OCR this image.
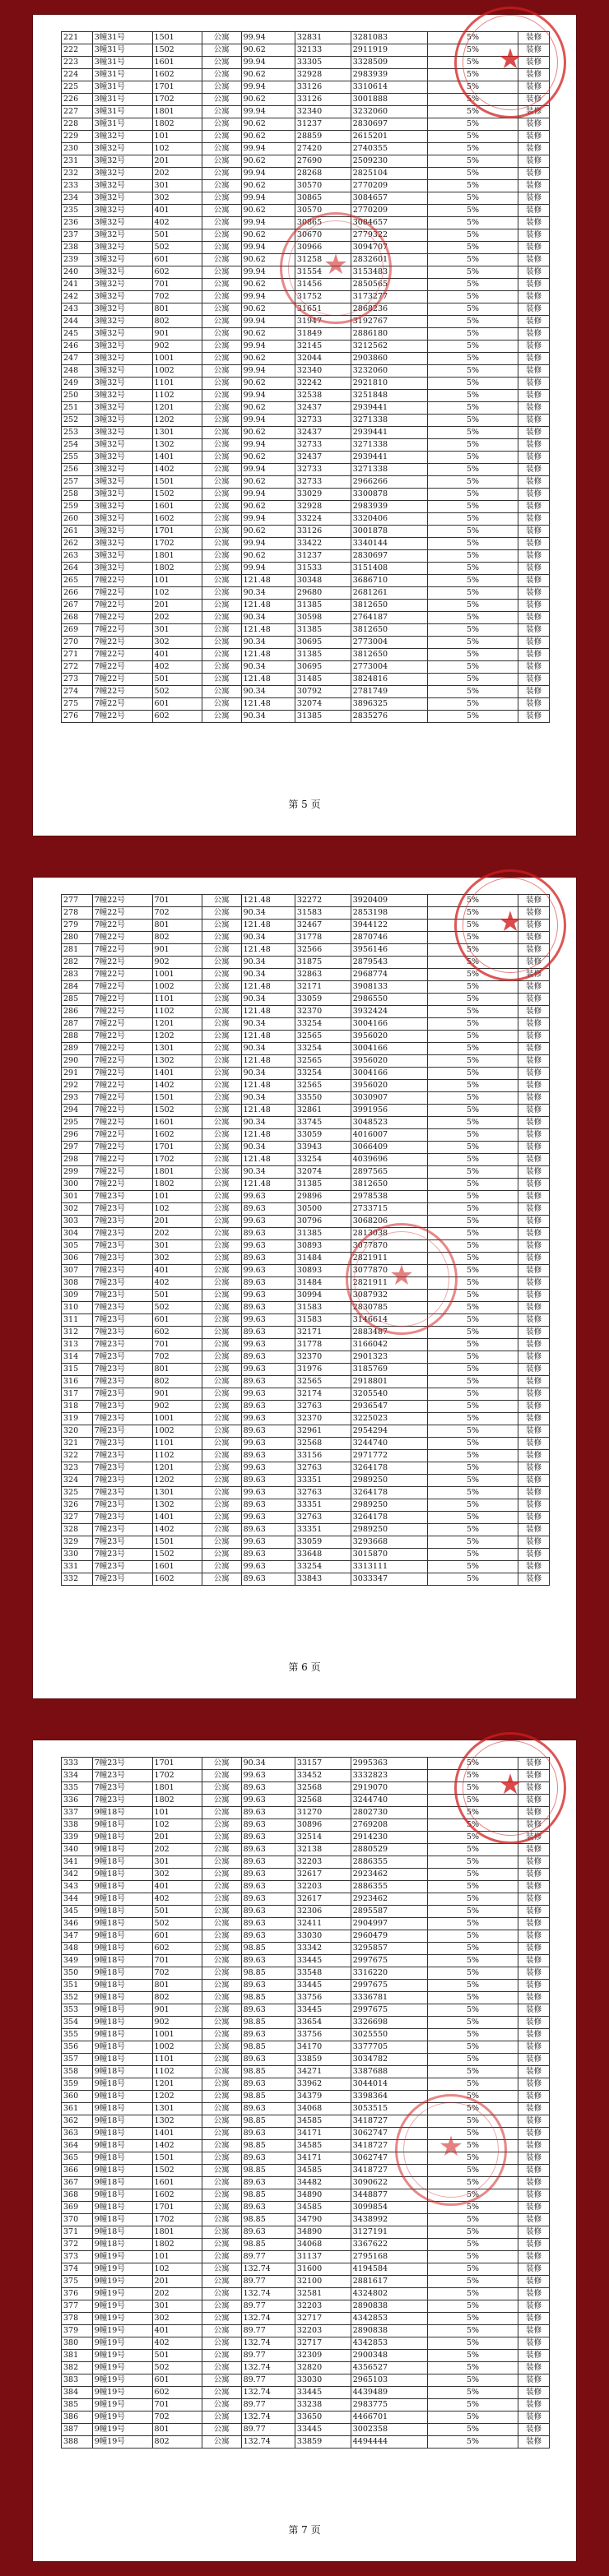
221	3幢31号	1501	公寓	99.94	32831	3281083	5%	装修
222	3幢31号	1502	公寓	90.62	32133	2911919	5%	装修
223	3幢31号	1601	公寓	99.94	33305	3328509	5%	装修
224	3幢31号	1602	公寓	90.62	32928	2983939	5%	装修
225	3幢31号	1701	公寓	99.94	33126	3310614	5%	装修
226	3幢31号	1702	公寓	90.62	33126	3001888	5%	装修
227	3幢31号	1801	公寓	99.94	32340	3232060	5%	装修
228	3幢31号	1802	公寓	90.62	31237	2830697	5%	装修
229	3幢32号	101	公寓	90.62	28859	2615201	5%	装修
230	3幢32号	102	公寓	99.94	27420	2740355	5%	装修
231	3幢32号	201	公寓	90.62	27690	2509230	5%	装修
232	3幢32号	202	公寓	99.94	28268	2825104	5%	装修
233	3幢32号	301	公寓	90.62	30570	2770209	5%	装修
234	3幢32号	302	公寓	99.94	30865	3084657	5%	装修
235	3幢32号	401	公寓	90.62	30570	2770209	5%	装修
236	3幢32号	402	公寓	99.94	30865	3084657	5%	装修
237	3幢32号	501	公寓	90.62	30670	2779322	5%	装修
238	3幢32号	502	公寓	99.94	30966	3094707	5%	装修
239	3幢32号	601	公寓	90.62	31258	2832601	5%	装修
240	3幢32号	602	公寓	99.94	31554	3153483	5%	装修
241	3幢32号	701	公寓	90.62	31456	2850565	5%	装修
242	3幢32号	702	公寓	99.94	31752	3173277	5%	装修
243	3幢32号	801	公寓	90.62	31651	2868236	5%	装修
244	3幢32号	802	公寓	99.94	31947	3192767	5%	装修
245	3幢32号	901	公寓	90.62	31849	2886180	5%	装修
246	3幢32号	902	公寓	99.94	32145	3212562	5%	装修
247	3幢32号	1001	公寓	90.62	32044	2903860	5%	装修
248	3幢32号	1002	公寓	99.94	32340	3232060	5%	装修
249	3幢32号	1101	公寓	90.62	32242	2921810	5%	装修
250	3幢32号	1102	公寓	99.94	32538	3251848	5%	装修
251	3幢32号	1201	公寓	90.62	32437	2939441	5%	装修
252	3幢32号	1202	公寓	99.94	32733	3271338	5%	装修
253	3幢32号	1301	公寓	90.62	32437	2939441	5%	装修
254	3幢32号	1302	公寓	99.94	32733	3271338	5%	装修
255	3幢32号	1401	公寓	90.62	32437	2939441	5%	装修
256	3幢32号	1402	公寓	99.94	32733	3271338	5%	装修
257	3幢32号	1501	公寓	90.62	32733	2966266	5%	装修
258	3幢32号	1502	公寓	99.94	33029	3300878	5%	装修
259	3幢32号	1601	公寓	90.62	32928	2983939	5%	装修
260	3幢32号	1602	公寓	99.94	33224	3320406	5%	装修
261	3幢32号	1701	公寓	90.62	33126	3001878	5%	装修
262	3幢32号	1702	公寓	99.94	33422	3340144	5%	装修
263	3幢32号	1801	公寓	90.62	31237	2830697	5%	装修
264	3幢32号	1802	公寓	99.94	31533	3151408	5%	装修
265	7幢22号	101	公寓	121.48	30348	3686710	5%	装修
266	7幢22号	102	公寓	90.34	29680	2681261	5%	装修
267	7幢22号	201	公寓	121.48	31385	3812650	5%	装修
268	7幢22号	202	公寓	90.34	30598	2764187	5%	装修
269	7幢22号	301	公寓	121.48	31385	3812650	5%	装修
270	7幢22号	302	公寓	90.34	30695	2773004	5%	装修
271	7幢22号	401	公寓	121.48	31385	3812650	5%	装修
272	7幢22号	402	公寓	90.34	30695	2773004	5%	装修
273	7幢22号	501	公寓	121.48	31485	3824816	5%	装修
274	7幢22号	502	公寓	90.34	30792	2781749	5%	装修
275	7幢22号	601	公寓	121.48	32074	3896325	5%	装修
276	7幢22号	602	公寓	90.34	31385	2835276	5%	装修
★
★
第 5 页
277	7幢22号	701	公寓	121.48	32272	3920409	5%	装修
278	7幢22号	702	公寓	90.34	31583	2853198	5%	装修
279	7幢22号	801	公寓	121.48	32467	3944122	5%	装修
280	7幢22号	802	公寓	90.34	31778	2870746	5%	装修
281	7幢22号	901	公寓	121.48	32566	3956146	5%	装修
282	7幢22号	902	公寓	90.34	31875	2879543	5%	装修
283	7幢22号	1001	公寓	90.34	32863	2968774	5%	装修
284	7幢22号	1002	公寓	121.48	32171	3908133	5%	装修
285	7幢22号	1101	公寓	90.34	33059	2986550	5%	装修
286	7幢22号	1102	公寓	121.48	32370	3932424	5%	装修
287	7幢22号	1201	公寓	90.34	33254	3004166	5%	装修
288	7幢22号	1202	公寓	121.48	32565	3956020	5%	装修
289	7幢22号	1301	公寓	90.34	33254	3004166	5%	装修
290	7幢22号	1302	公寓	121.48	32565	3956020	5%	装修
291	7幢22号	1401	公寓	90.34	33254	3004166	5%	装修
292	7幢22号	1402	公寓	121.48	32565	3956020	5%	装修
293	7幢22号	1501	公寓	90.34	33550	3030907	5%	装修
294	7幢22号	1502	公寓	121.48	32861	3991956	5%	装修
295	7幢22号	1601	公寓	90.34	33745	3048523	5%	装修
296	7幢22号	1602	公寓	121.48	33059	4016007	5%	装修
297	7幢22号	1701	公寓	90.34	33943	3066409	5%	装修
298	7幢22号	1702	公寓	121.48	33254	4039696	5%	装修
299	7幢22号	1801	公寓	90.34	32074	2897565	5%	装修
300	7幢22号	1802	公寓	121.48	31385	3812650	5%	装修
301	7幢23号	101	公寓	99.63	29896	2978538	5%	装修
302	7幢23号	102	公寓	89.63	30500	2733715	5%	装修
303	7幢23号	201	公寓	99.63	30796	3068206	5%	装修
304	7幢23号	202	公寓	89.63	31385	2813038	5%	装修
305	7幢23号	301	公寓	99.63	30893	3077870	5%	装修
306	7幢23号	302	公寓	89.63	31484	2821911	5%	装修
307	7幢23号	401	公寓	99.63	30893	3077870	5%	装修
308	7幢23号	402	公寓	89.63	31484	2821911	5%	装修
309	7幢23号	501	公寓	99.63	30994	3087932	5%	装修
310	7幢23号	502	公寓	89.63	31583	2830785	5%	装修
311	7幢23号	601	公寓	99.63	31583	3146614	5%	装修
312	7幢23号	602	公寓	89.63	32171	2883487	5%	装修
313	7幢23号	701	公寓	99.63	31778	3166042	5%	装修
314	7幢23号	702	公寓	89.63	32370	2901323	5%	装修
315	7幢23号	801	公寓	99.63	31976	3185769	5%	装修
316	7幢23号	802	公寓	89.63	32565	2918801	5%	装修
317	7幢23号	901	公寓	99.63	32174	3205540	5%	装修
318	7幢23号	902	公寓	89.63	32763	2936547	5%	装修
319	7幢23号	1001	公寓	99.63	32370	3225023	5%	装修
320	7幢23号	1002	公寓	89.63	32961	2954294	5%	装修
321	7幢23号	1101	公寓	99.63	32568	3244740	5%	装修
322	7幢23号	1102	公寓	89.63	33156	2971772	5%	装修
323	7幢23号	1201	公寓	99.63	32763	3264178	5%	装修
324	7幢23号	1202	公寓	89.63	33351	2989250	5%	装修
325	7幢23号	1301	公寓	99.63	32763	3264178	5%	装修
326	7幢23号	1302	公寓	89.63	33351	2989250	5%	装修
327	7幢23号	1401	公寓	99.63	32763	3264178	5%	装修
328	7幢23号	1402	公寓	89.63	33351	2989250	5%	装修
329	7幢23号	1501	公寓	99.63	33059	3293668	5%	装修
330	7幢23号	1502	公寓	89.63	33648	3015870	5%	装修
331	7幢23号	1601	公寓	99.63	33254	3313111	5%	装修
332	7幢23号	1602	公寓	89.63	33843	3033347	5%	装修
★
★
第 6 页
333	7幢23号	1701	公寓	90.34	33157	2995363	5%	装修
334	7幢23号	1702	公寓	99.63	33452	3332823	5%	装修
335	7幢23号	1801	公寓	89.63	32568	2919070	5%	装修
336	7幢23号	1802	公寓	99.63	32568	3244740	5%	装修
337	9幢18号	101	公寓	89.63	31270	2802730	5%	装修
338	9幢18号	102	公寓	89.63	30896	2769208	5%	装修
339	9幢18号	201	公寓	89.63	32514	2914230	5%	装修
340	9幢18号	202	公寓	89.63	32138	2880529	5%	装修
341	9幢18号	301	公寓	89.63	32203	2886355	5%	装修
342	9幢18号	302	公寓	89.63	32617	2923462	5%	装修
343	9幢18号	401	公寓	89.63	32203	2886355	5%	装修
344	9幢18号	402	公寓	89.63	32617	2923462	5%	装修
345	9幢18号	501	公寓	89.63	32306	2895587	5%	装修
346	9幢18号	502	公寓	89.63	32411	2904997	5%	装修
347	9幢18号	601	公寓	89.63	33030	2960479	5%	装修
348	9幢18号	602	公寓	98.85	33342	3295857	5%	装修
349	9幢18号	701	公寓	89.63	33445	2997675	5%	装修
350	9幢18号	702	公寓	98.85	33548	3316220	5%	装修
351	9幢18号	801	公寓	89.63	33445	2997675	5%	装修
352	9幢18号	802	公寓	98.85	33756	3336781	5%	装修
353	9幢18号	901	公寓	89.63	33445	2997675	5%	装修
354	9幢18号	902	公寓	98.85	33654	3326698	5%	装修
355	9幢18号	1001	公寓	89.63	33756	3025550	5%	装修
356	9幢18号	1002	公寓	98.85	34170	3377705	5%	装修
357	9幢18号	1101	公寓	89.63	33859	3034782	5%	装修
358	9幢18号	1102	公寓	98.85	34271	3387688	5%	装修
359	9幢18号	1201	公寓	89.63	33962	3044014	5%	装修
360	9幢18号	1202	公寓	98.85	34379	3398364	5%	装修
361	9幢18号	1301	公寓	89.63	34068	3053515	5%	装修
362	9幢18号	1302	公寓	98.85	34585	3418727	5%	装修
363	9幢18号	1401	公寓	89.63	34171	3062747	5%	装修
364	9幢18号	1402	公寓	98.85	34585	3418727	5%	装修
365	9幢18号	1501	公寓	89.63	34171	3062747	5%	装修
366	9幢18号	1502	公寓	98.85	34585	3418727	5%	装修
367	9幢18号	1601	公寓	89.63	34482	3090622	5%	装修
368	9幢18号	1602	公寓	98.85	34890	3448877	5%	装修
369	9幢18号	1701	公寓	89.63	34585	3099854	5%	装修
370	9幢18号	1702	公寓	98.85	34790	3438992	5%	装修
371	9幢18号	1801	公寓	89.63	34890	3127191	5%	装修
372	9幢18号	1802	公寓	98.85	34068	3367622	5%	装修
373	9幢19号	101	公寓	89.77	31137	2795168	5%	装修
374	9幢19号	102	公寓	132.74	31600	4194584	5%	装修
375	9幢19号	201	公寓	89.77	32100	2881617	5%	装修
376	9幢19号	202	公寓	132.74	32581	4324802	5%	装修
377	9幢19号	301	公寓	89.77	32203	2890838	5%	装修
378	9幢19号	302	公寓	132.74	32717	4342853	5%	装修
379	9幢19号	401	公寓	89.77	32203	2890838	5%	装修
380	9幢19号	402	公寓	132.74	32717	4342853	5%	装修
381	9幢19号	501	公寓	89.77	32309	2900348	5%	装修
382	9幢19号	502	公寓	132.74	32820	4356527	5%	装修
383	9幢19号	601	公寓	89.77	33030	2965103	5%	装修
384	9幢19号	602	公寓	132.74	33445	4439489	5%	装修
385	9幢19号	701	公寓	89.77	33238	2983775	5%	装修
386	9幢19号	702	公寓	132.74	33650	4466701	5%	装修
387	9幢19号	801	公寓	89.77	33445	3002358	5%	装修
388	9幢19号	802	公寓	132.74	33859	4494444	5%	装修
★
★
第 7 页
